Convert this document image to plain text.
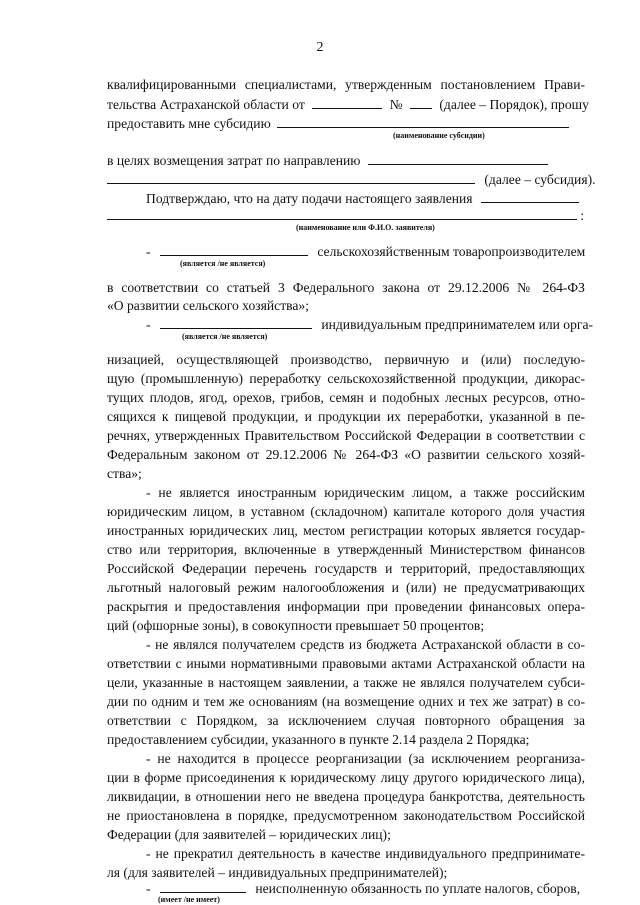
2
квалифицированными специалистами, утвержденным постановлением Прави-
тельства Астраханской области от	№	(далее – Порядок), прошу
предоставить мне субсидию
(наименование субсидии)
в целях возмещения затрат по направлению
(далее – субсидия).
Подтверждаю, что на дату подачи настоящего заявления
:
(наименование или Ф.И.О. заявителя)
-	сельскохозяйственным товаропроизводителем
(является /не является)
в соответствии со статьей 3 Федерального закона от 29.12.2006 № 264-ФЗ
«О развитии сельского хозяйства»;
-	индивидуальным предпринимателем или орга-
(является /не является)
низацией, осуществляющей производство, первичную и (или) последую-
щую (промышленную) переработку сельскохозяйственной продукции, дикорас-
тущих плодов, ягод, орехов, грибов, семян и подобных лесных ресурсов, отно-
сящихся к пищевой продукции, и продукции их переработки, указанной в пе-
речнях, утвержденных Правительством Российской Федерации в соответствии с
Федеральным законом от 29.12.2006 № 264-ФЗ «О развитии сельского хозяй-
ства»;
- не является иностранным юридическим лицом, а также российским
юридическим лицом, в уставном (складочном) капитале которого доля участия
иностранных юридических лиц, местом регистрации которых является государ-
ство или территория, включенные в утвержденный Министерством финансов
Российской Федерации перечень государств и территорий, предоставляющих
льготный налоговый режим налогообложения и (или) не предусматривающих
раскрытия и предоставления информации при проведении финансовых опера-
ций (офшорные зоны), в совокупности превышает 50 процентов;
- не являлся получателем средств из бюджета Астраханской области в со-
ответствии с иными нормативными правовыми актами Астраханской области на
цели, указанные в настоящем заявлении, а также не являлся получателем субси-
дии по одним и тем же основаниям (на возмещение одних и тех же затрат) в со-
ответствии с Порядком, за исключением случая повторного обращения за
предоставлением субсидии, указанного в пункте 2.14 раздела 2 Порядка;
- не находится в процессе реорганизации (за исключением реорганиза-
ции в форме присоединения к юридическому лицу другого юридического лица),
ликвидации, в отношении него не введена процедура банкротства, деятельность
не приостановлена в порядке, предусмотренном законодательством Российской
Федерации (для заявителей – юридических лиц);
- не прекратил деятельность в качестве индивидуального предпринимате-
ля (для заявителей – индивидуальных предпринимателей);
-	неисполненную обязанность по уплате налогов, сборов,
(имеет /не имеет)
